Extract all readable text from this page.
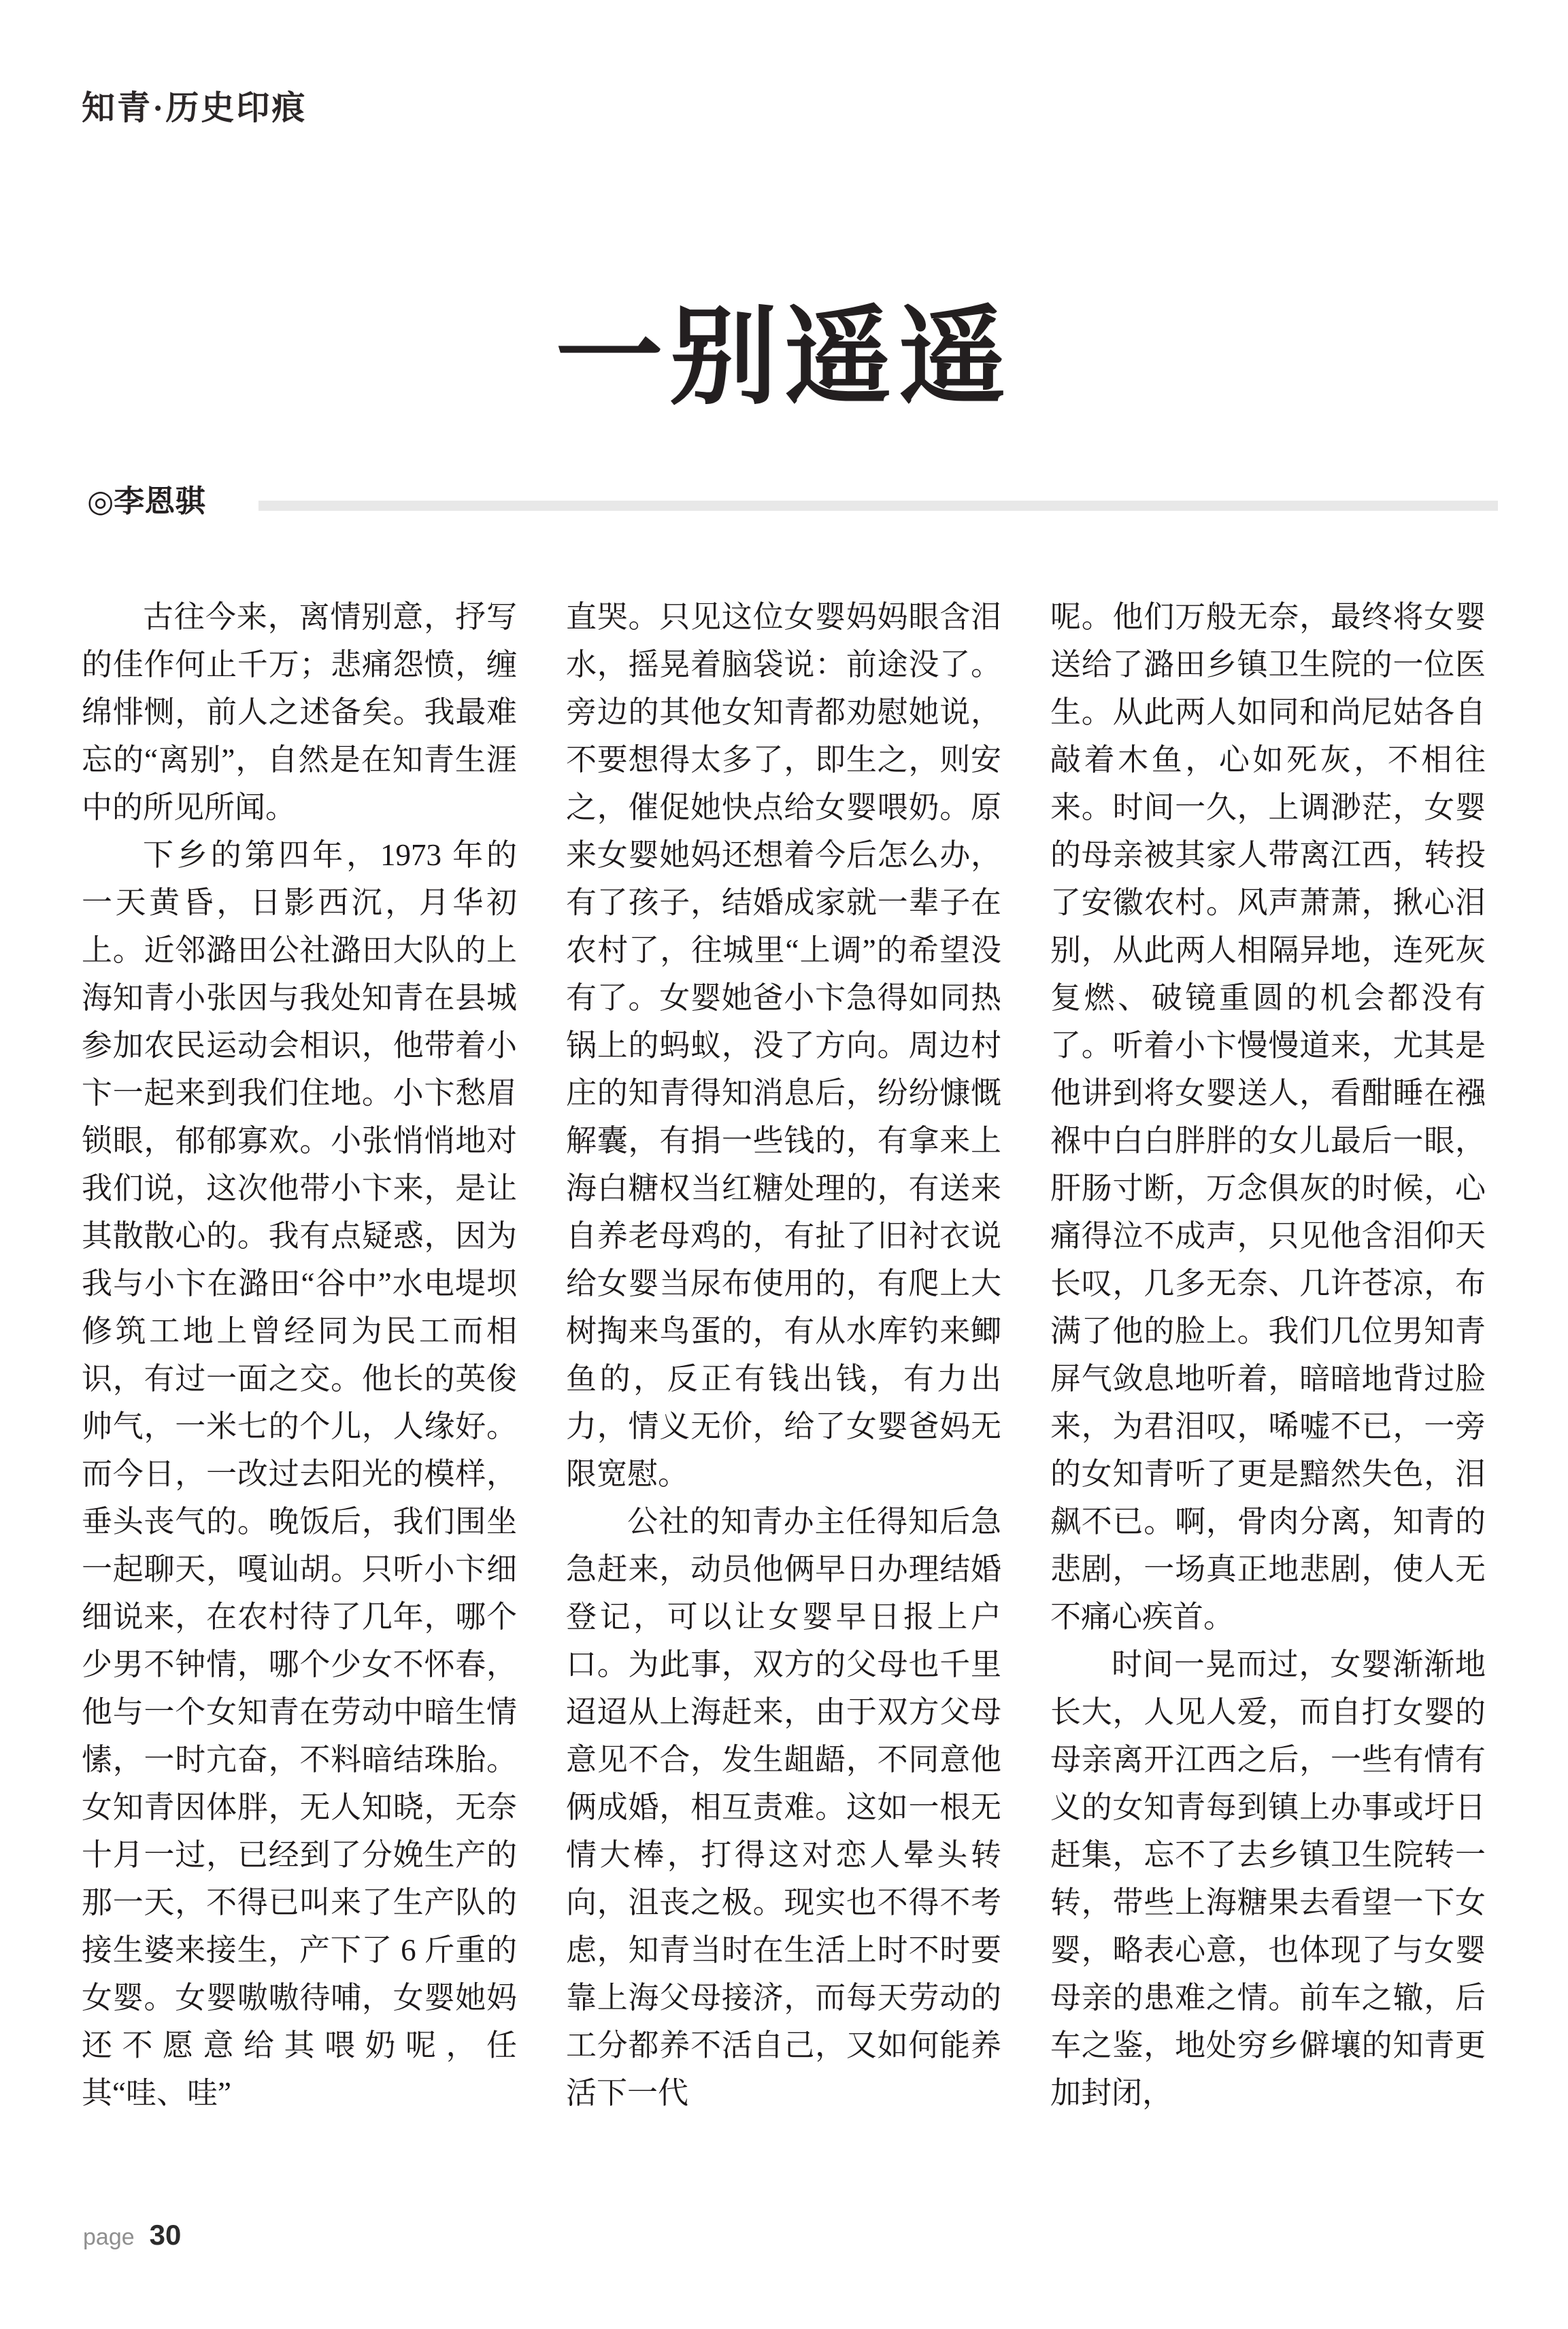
知青·历史印痕
一别遥遥
◎李恩骐

古往今来，离情别意，抒写的佳作何止千万；悲痛怨愤，缠绵悱恻，前人之述备矣。我最难忘的“离别”，自然是在知青生涯中的所见所闻。

下乡的第四年，1973 年的一天黄昏，日影西沉，月华初上。近邻潞田公社潞田大队的上海知青小张因与我处知青在县城参加农民运动会相识，他带着小卞一起来到我们住地。小卞愁眉锁眼，郁郁寡欢。小张悄悄地对我们说，这次他带小卞来，是让其散散心的。我有点疑惑，因为我与小卞在潞田“谷中”水电堤坝修筑工地上曾经同为民工而相识，有过一面之交。他长的英俊帅气，一米七的个儿，人缘好。而今日，一改过去阳光的模样，垂头丧气的。晚饭后，我们围坐一起聊天，嘎讪胡。只听小卞细细说来，在农村待了几年，哪个少男不钟情，哪个少女不怀春，他与一个女知青在劳动中暗生情愫，一时亢奋，不料暗结珠胎。女知青因体胖，无人知晓，无奈十月一过，已经到了分娩生产的那一天，不得已叫来了生产队的接生婆来接生，产下了 6 斤重的女婴。女婴嗷嗷待哺，女婴她妈还不愿意给其喂奶呢，任其“哇、哇”

直哭。只见这位女婴妈妈眼含泪水，摇晃着脑袋说：前途没了。旁边的其他女知青都劝慰她说，不要想得太多了，即生之，则安之，催促她快点给女婴喂奶。原来女婴她妈还想着今后怎么办，有了孩子，结婚成家就一辈子在农村了，往城里“上调”的希望没有了。女婴她爸小卞急得如同热锅上的蚂蚁，没了方向。周边村庄的知青得知消息后，纷纷慷慨解囊，有捐一些钱的，有拿来上海白糖权当红糖处理的，有送来自养老母鸡的，有扯了旧衬衣说给女婴当尿布使用的，有爬上大树掏来鸟蛋的，有从水库钓来鲫鱼的，反正有钱出钱，有力出力，情义无价，给了女婴爸妈无限宽慰。

公社的知青办主任得知后急急赶来，动员他俩早日办理结婚登记，可以让女婴早日报上户口。为此事，双方的父母也千里迢迢从上海赶来，由于双方父母意见不合，发生龃龉，不同意他俩成婚，相互责难。这如一根无情大棒，打得这对恋人晕头转向，沮丧之极。现实也不得不考虑，知青当时在生活上时不时要靠上海父母接济，而每天劳动的工分都养不活自己，又如何能养活下一代

呢。他们万般无奈，最终将女婴送给了潞田乡镇卫生院的一位医生。从此两人如同和尚尼姑各自敲着木鱼，心如死灰，不相往来。时间一久，上调渺茫，女婴的母亲被其家人带离江西，转投了安徽农村。风声萧萧，揪心泪别，从此两人相隔异地，连死灰复燃、破镜重圆的机会都没有了。听着小卞慢慢道来，尤其是他讲到将女婴送人，看酣睡在襁褓中白白胖胖的女儿最后一眼，肝肠寸断，万念俱灰的时候，心痛得泣不成声，只见他含泪仰天长叹，几多无奈、几许苍凉，布满了他的脸上。我们几位男知青屏气敛息地听着，暗暗地背过脸来，为君泪叹，唏嘘不已，一旁的女知青听了更是黯然失色，泪飙不已。啊，骨肉分离，知青的悲剧，一场真正地悲剧，使人无不痛心疾首。

时间一晃而过，女婴渐渐地长大，人见人爱，而自打女婴的母亲离开江西之后，一些有情有义的女知青每到镇上办事或圩日赶集，忘不了去乡镇卫生院转一转，带些上海糖果去看望一下女婴，略表心意，也体现了与女婴母亲的患难之情。前车之辙，后车之鉴，地处穷乡僻壤的知青更加封闭，

page 30
